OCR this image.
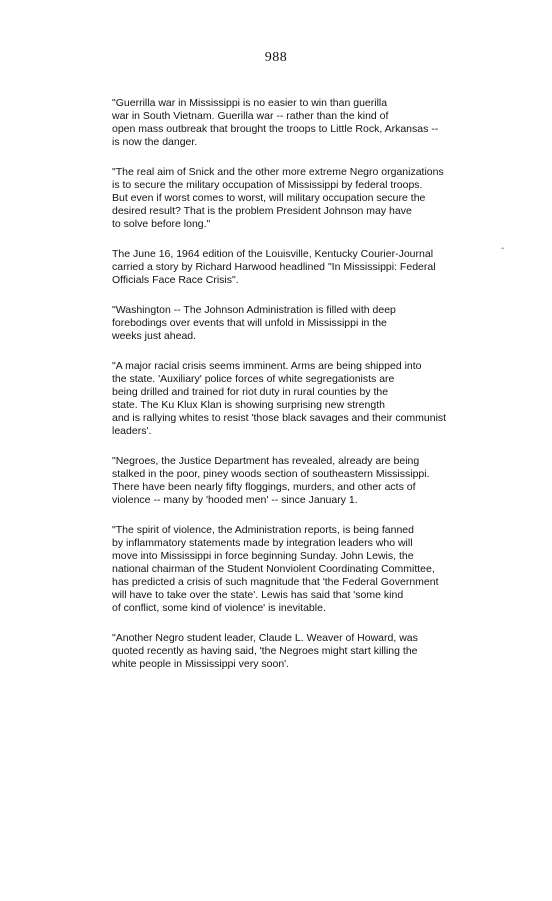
988
‸
"Guerrilla war in Mississippi is no easier to win than guerilla
war in South Vietnam. Guerilla war -- rather than the kind of
open mass outbreak that brought the troops to Little Rock, Arkansas --
is now the danger.
"The real aim of Snick and the other more extreme Negro organizations
is to secure the military occupation of Mississippi by federal troops.
But even if worst comes to worst, will military occupation secure the
desired result? That is the problem President Johnson may have
to solve before long."
The June 16, 1964 edition of the Louisville, Kentucky Courier-Journal
carried a story by Richard Harwood headlined "In Mississippi: Federal
Officials Face Race Crisis".
"Washington -- The Johnson Administration is filled with deep
forebodings over events that will unfold in Mississippi in the
weeks just ahead.
"A major racial crisis seems imminent. Arms are being shipped into
the state. 'Auxiliary' police forces of white segregationists are
being drilled and trained for riot duty in rural counties by the
state. The Ku Klux Klan is showing surprising new strength
and is rallying whites to resist 'those black savages and their communist
leaders'.
"Negroes, the Justice Department has revealed, already are being
stalked in the poor, piney woods section of southeastern Mississippi.
There have been nearly fifty floggings, murders, and other acts of
violence -- many by 'hooded men' -- since January 1.
"The spirit of violence, the Administration reports, is being fanned
by inflammatory statements made by integration leaders who will
move into Mississippi in force beginning Sunday. John Lewis, the
national chairman of the Student Nonviolent Coordinating Committee,
has predicted a crisis of such magnitude that 'the Federal Government
will have to take over the state'. Lewis has said that 'some kind
of conflict, some kind of violence' is inevitable.
"Another Negro student leader, Claude L. Weaver of Howard, was
quoted recently as having said, 'the Negroes might start killing the
white people in Mississippi very soon'.
